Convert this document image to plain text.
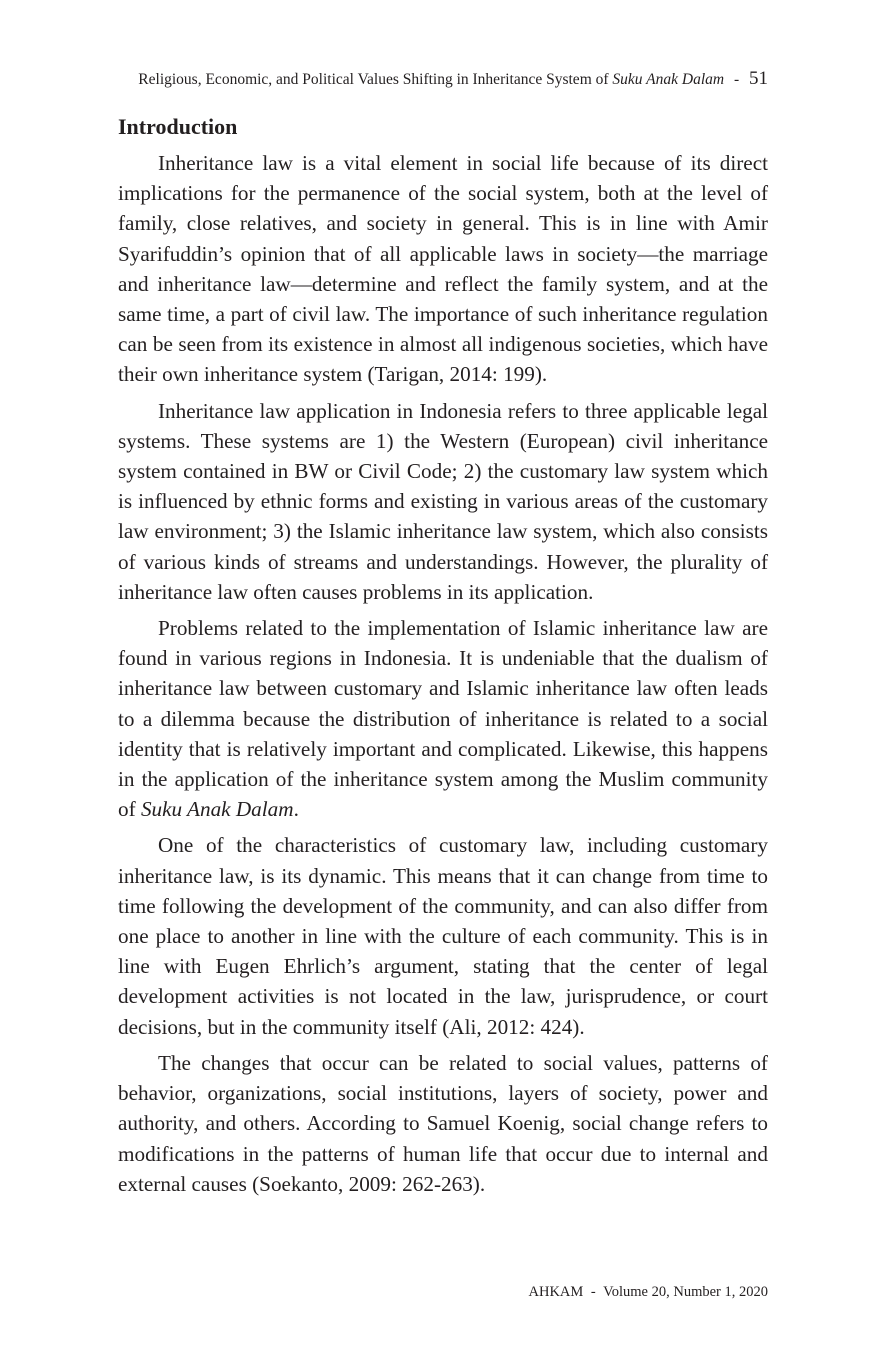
Religious, Economic, and Political Values Shifting in Inheritance System of Suku Anak Dalam - 51
Introduction

Inheritance law is a vital element in social life because of its direct implications for the permanence of the social system, both at the level of family, close relatives, and society in general. This is in line with Amir Syarifuddin’s opinion that of all applicable laws in society—the marriage and inheritance law—determine and reflect the family system, and at the same time, a part of civil law. The importance of such inheritance regulation can be seen from its existence in almost all indigenous societies, which have their own inheritance system (Tarigan, 2014: 199).

Inheritance law application in Indonesia refers to three applicable legal systems. These systems are 1) the Western (European) civil inheritance system contained in BW or Civil Code; 2) the customary law system which is influenced by ethnic forms and existing in various areas of the customary law environment; 3) the Islamic inheritance law system, which also consists of various kinds of streams and understandings. However, the plurality of inheritance law often causes problems in its application.

Problems related to the implementation of Islamic inheritance law are found in various regions in Indonesia. It is undeniable that the dualism of inheritance law between customary and Islamic inheritance law often leads to a dilemma because the distribution of inheritance is related to a social identity that is relatively important and complicated. Likewise, this happens in the application of the inheritance system among the Muslim community of Suku Anak Dalam.

One of the characteristics of customary law, including customary inheritance law, is its dynamic. This means that it can change from time to time following the development of the community, and can also differ from one place to another in line with the culture of each community. This is in line with Eugen Ehrlich’s argument, stating that the center of legal development activities is not located in the law, jurisprudence, or court decisions, but in the community itself (Ali, 2012: 424).

The changes that occur can be related to social values, patterns of behavior, organizations, social institutions, layers of society, power and authority, and others. According to Samuel Koenig, social change refers to modifications in the patterns of human life that occur due to internal and external causes (Soekanto, 2009: 262-263).

AHKAM - Volume 20, Number 1, 2020
